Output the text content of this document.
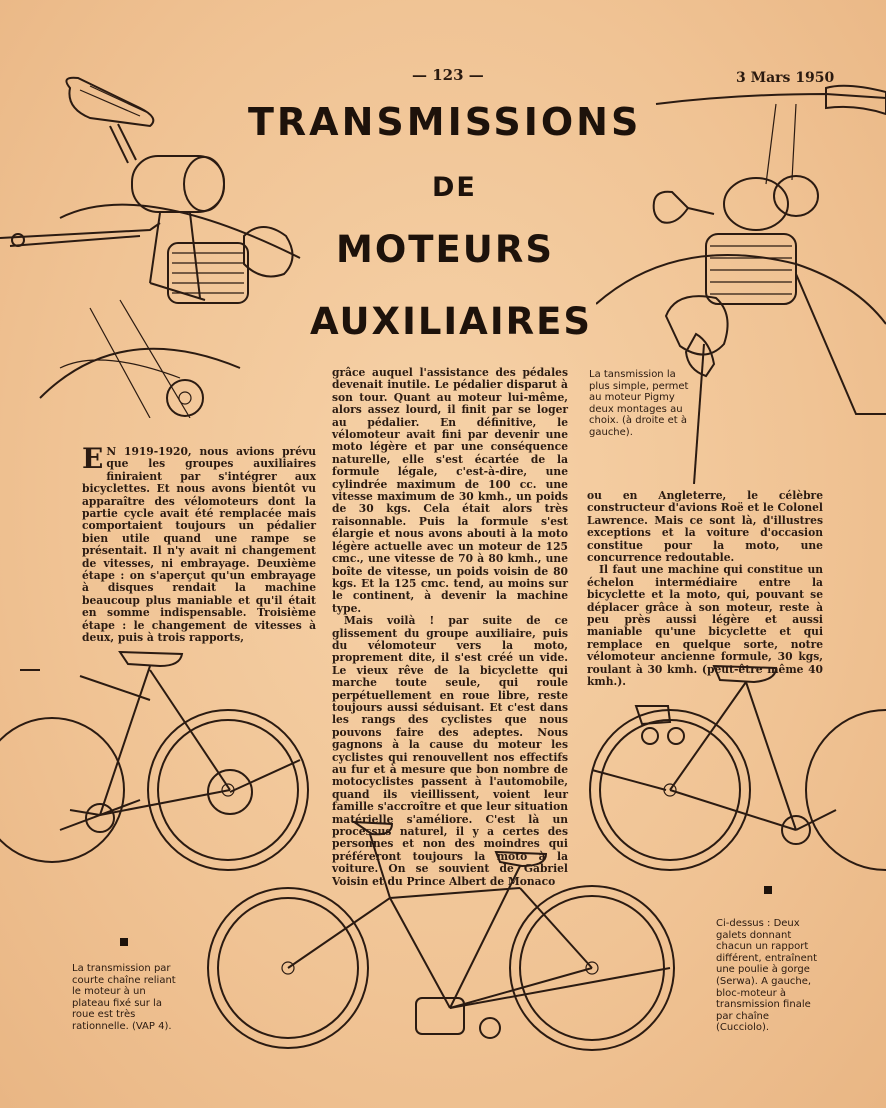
— 123 —	3 Mars 1950
TRANSMISSIONS
DE
MOTEURS
AUXILIAIRES

E N 1919-1920, nous avions prévu que les groupes auxiliaires finiraient par s'intégrer aux bicyclettes. Et nous avons bientôt vu apparaître des vélomoteurs dont la partie cycle avait été remplacée mais comportaient toujours un pédalier bien utile quand une rampe se présentait. Il n'y avait ni changement de vitesses, ni embrayage. Deuxième étape : on s'aperçut qu'un embrayage à disques rendait la machine beaucoup plus maniable et qu'il était en somme indispensable. Troisième étape : le changement de vitesses à deux, puis à trois rapports,

grâce auquel l'assistance des pédales devenait inutile. Le pédalier disparut à son tour. Quant au moteur lui-même, alors assez lourd, il finit par se loger au pédalier. En définitive, le vélomoteur avait fini par devenir une moto légère et par une conséquence naturelle, elle s'est écartée de la formule légale, c'est-à-dire, une cylindrée maximum de 100 cc. une vitesse maximum de 30 kmh., un poids de 30 kgs. Cela était alors très raisonnable. Puis la formule s'est élargie et nous avons abouti à la moto légère actuelle avec un moteur de 125 cmc., une vitesse de 70 à 80 kmh., une boîte de vitesse, un poids voisin de 80 kgs. Et la 125 cmc. tend, au moins sur le continent, à devenir la machine type.

Mais voilà ! par suite de ce glissement du groupe auxiliaire, puis du vélomoteur vers la moto, proprement dite, il s'est créé un vide. Le vieux rêve de la bicyclette qui marche toute seule, qui roule perpétuellement en roue libre, reste toujours aussi séduisant. Et c'est dans les rangs des cyclistes que nous pouvons faire des adeptes. Nous gagnons à la cause du moteur les cyclistes qui renouvellent nos effectifs au fur et à mesure que bon nombre de motocyclistes passent à l'automobile, quand ils vieillissent, voient leur famille s'accroître et que leur situation matérielle s'améliore. C'est là un processus naturel, il y a certes des personnes et non des moindres qui préféreront toujours la moto à la voiture. On se souvient de Gabriel Voisin et du Prince Albert de Monaco

ou en Angleterre, le célèbre constructeur d'avions Roë et le Colonel Lawrence. Mais ce sont là, d'illustres exceptions et la voiture d'occasion constitue pour la moto, une concurrence redoutable.

Il faut une machine qui constitue un échelon intermédiaire entre la bicyclette et la moto, qui, pouvant se déplacer grâce à son moteur, reste à peu près aussi légère et aussi maniable qu'une bicyclette et qui remplace en quelque sorte, notre vélomoteur ancienne formule, 30 kgs, roulant à 30 kmh. (peut-être même 40 kmh.).

La tansmission la plus simple, permet au moteur Pigmy deux montages au choix. (à droite et à gauche).
La transmission par courte chaîne reliant le moteur à un plateau fixé sur la roue est très rationnelle. (VAP 4).
Ci-dessus : Deux galets donnant chacun un rapport différent, entraînent une poulie à gorge (Serwa). A gauche, bloc-moteur à transmission finale par chaîne (Cucciolo).
